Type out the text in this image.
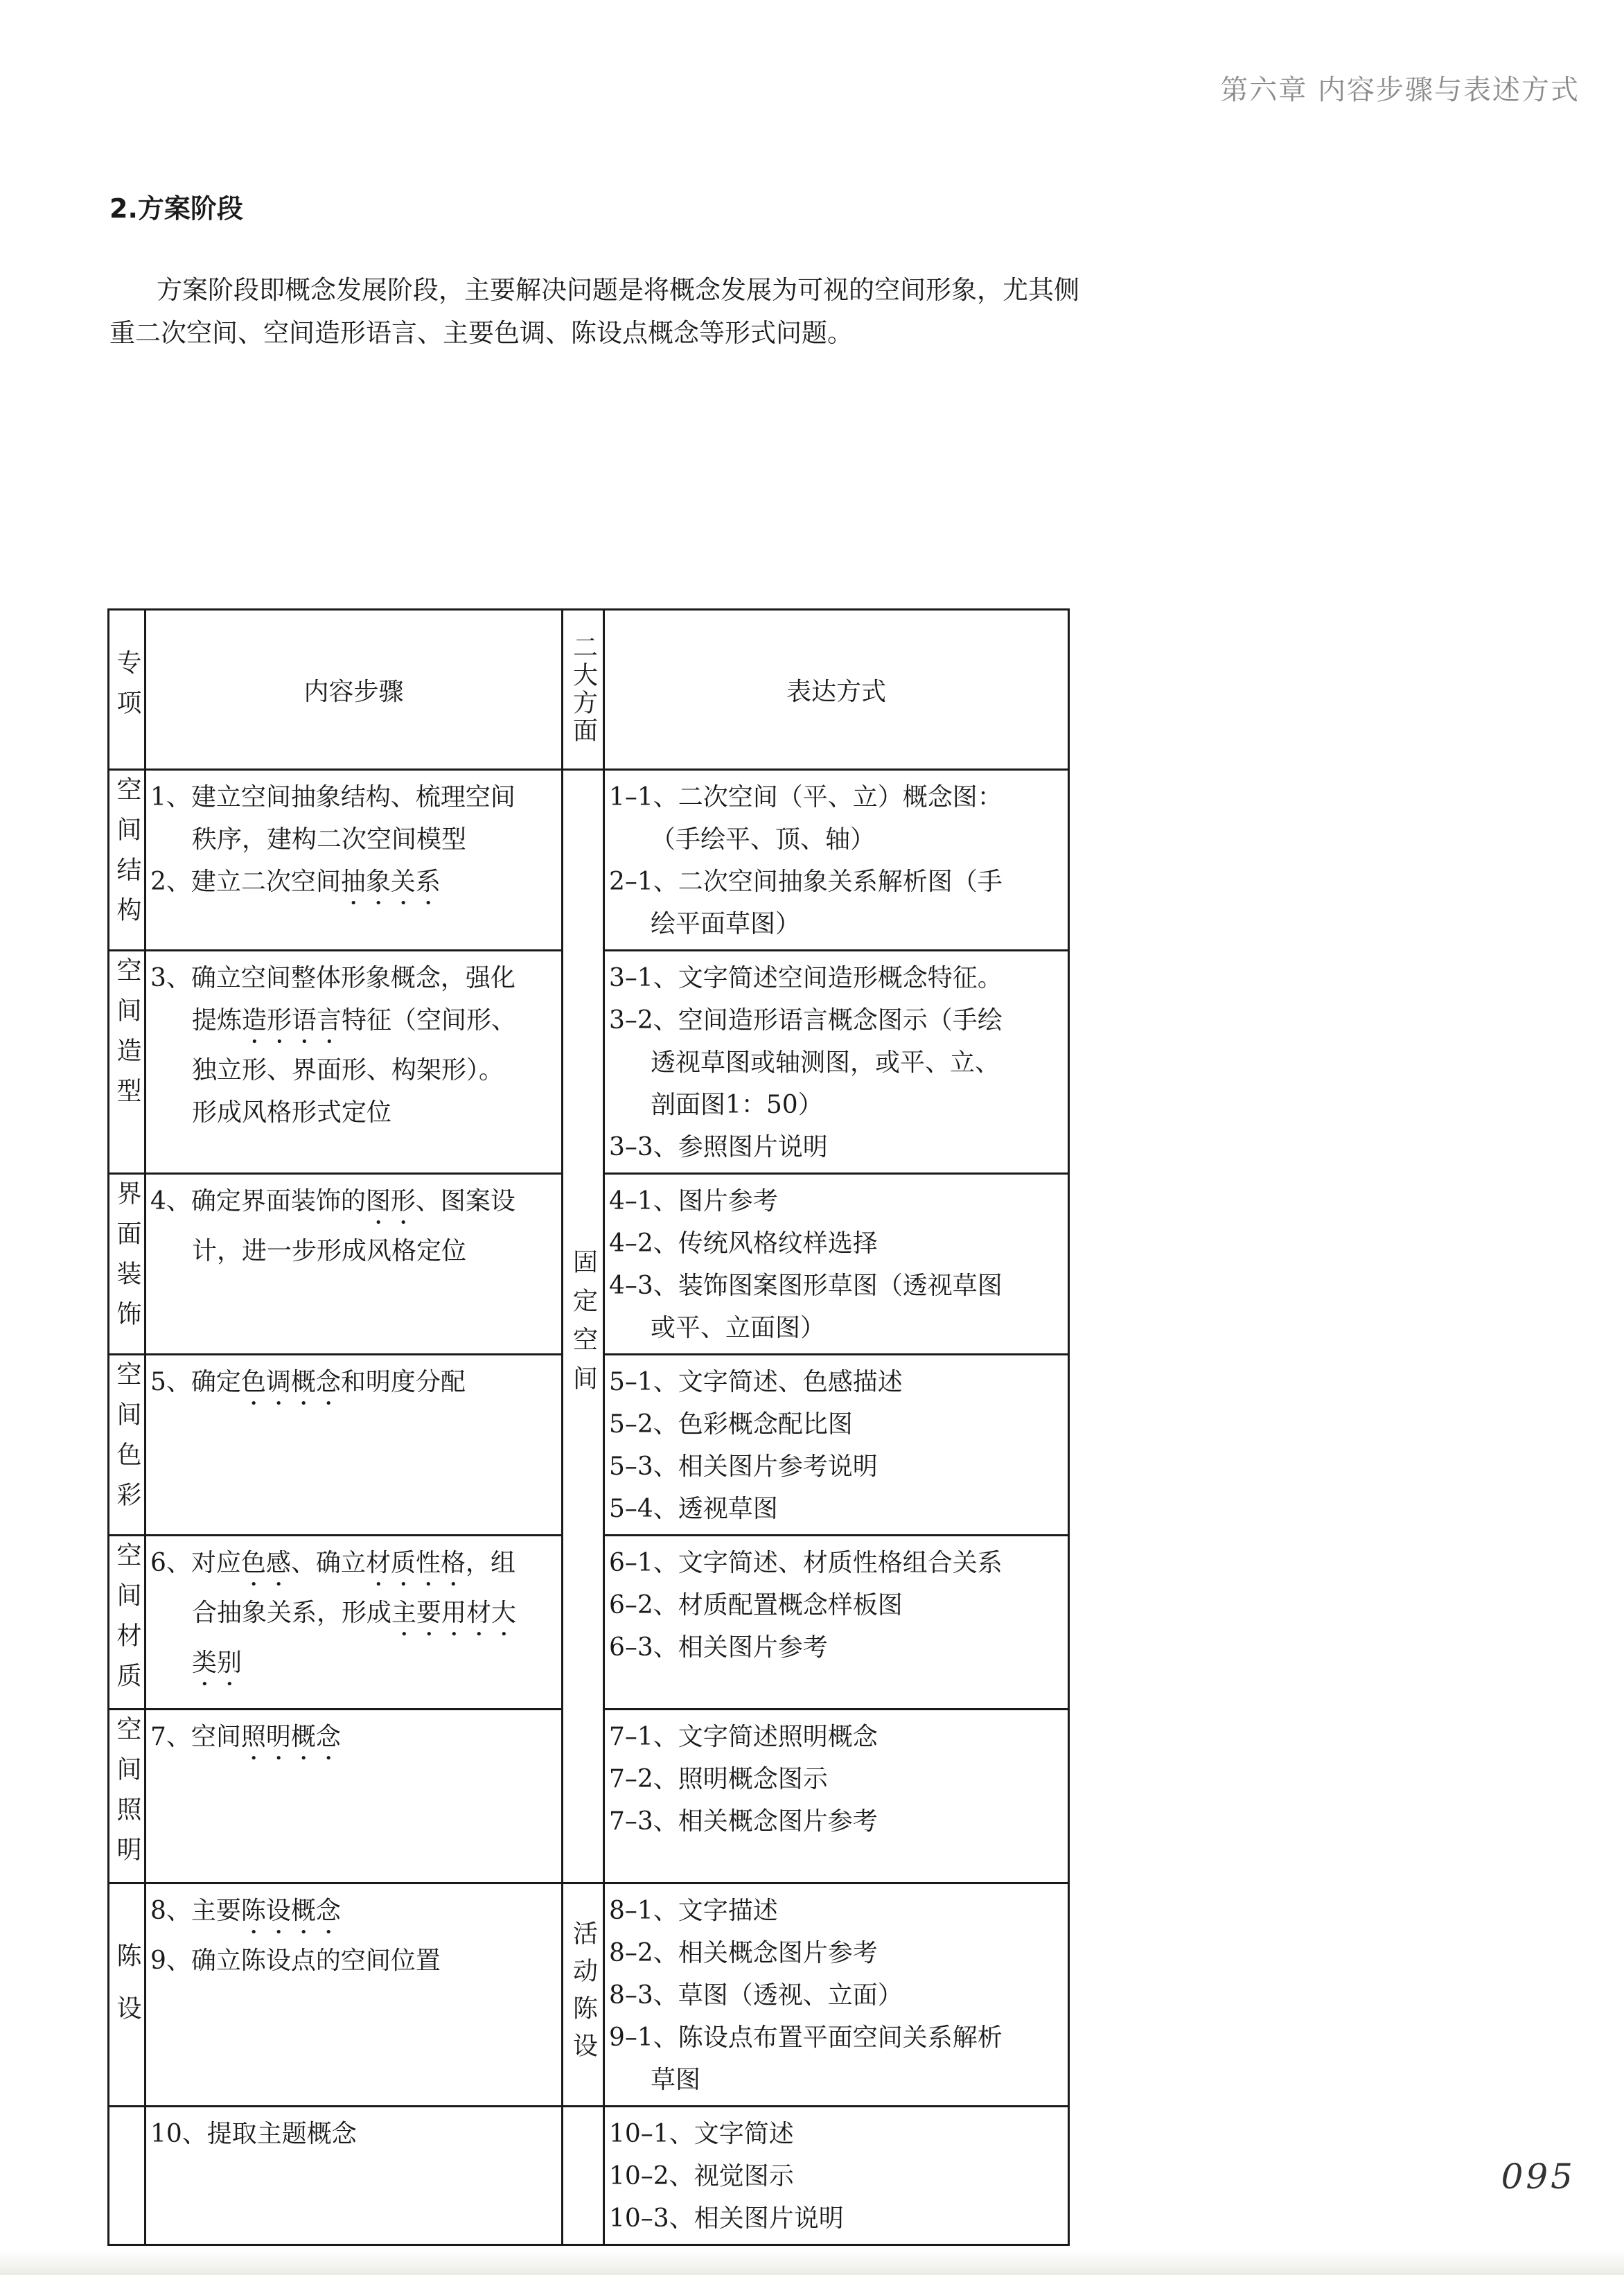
第六章 内容步骤与表述方式
2.方案阶段
方案阶段即概念发展阶段，主要解决问题是将概念发展为可视的空间形象，尤其侧重二次空间、空间造形语言、主要色调、陈设点概念等形式问题。
专项	内容步骤	二大方面	表达方式

空间结构	1、建立空间抽象结构、梳理空间
秩序，建构二次空间模型
2、建立二次空间抽象关系	固定空间	1–1、二次空间（平、立）概念图：
（手绘平、顶、轴）
2–1、二次空间抽象关系解析图（手
绘平面草图）

空间造型	3、确立空间整体形象概念，强化
提炼造形语言特征（空间形、
独立形、界面形、构架形）。
形成风格形式定位		3–1、文字简述空间造形概念特征。
3–2、空间造形语言概念图示（手绘
透视草图或轴测图，或平、立、
剖面图1：50）
3–3、参照图片说明

界面装饰	4、确定界面装饰的图形、图案设
计，进一步形成风格定位		4–1、图片参考
4–2、传统风格纹样选择
4–3、装饰图案图形草图（透视草图
或平、立面图）

空间色彩	5、确定色调概念和明度分配		5–1、文字简述、色感描述
5–2、色彩概念配比图
5–3、相关图片参考说明
5–4、透视草图

空间材质	6、对应色感、确立材质性格，组
合抽象关系，形成主要用材大
类别		6–1、文字简述、材质性格组合关系
6–2、材质配置概念样板图
6–3、相关图片参考

空间照明	7、空间照明概念		7–1、文字简述照明概念
7–2、照明概念图示
7–3、相关概念图片参考

陈设	8、主要陈设概念
9、确立陈设点的空间位置	活动陈设	8–1、文字描述
8–2、相关概念图片参考
8–3、草图（透视、立面）
9–1、陈设点布置平面空间关系解析
草图

	10、提取主题概念		10–1、文字简述
10–2、视觉图示
10–3、相关图片说明
095
